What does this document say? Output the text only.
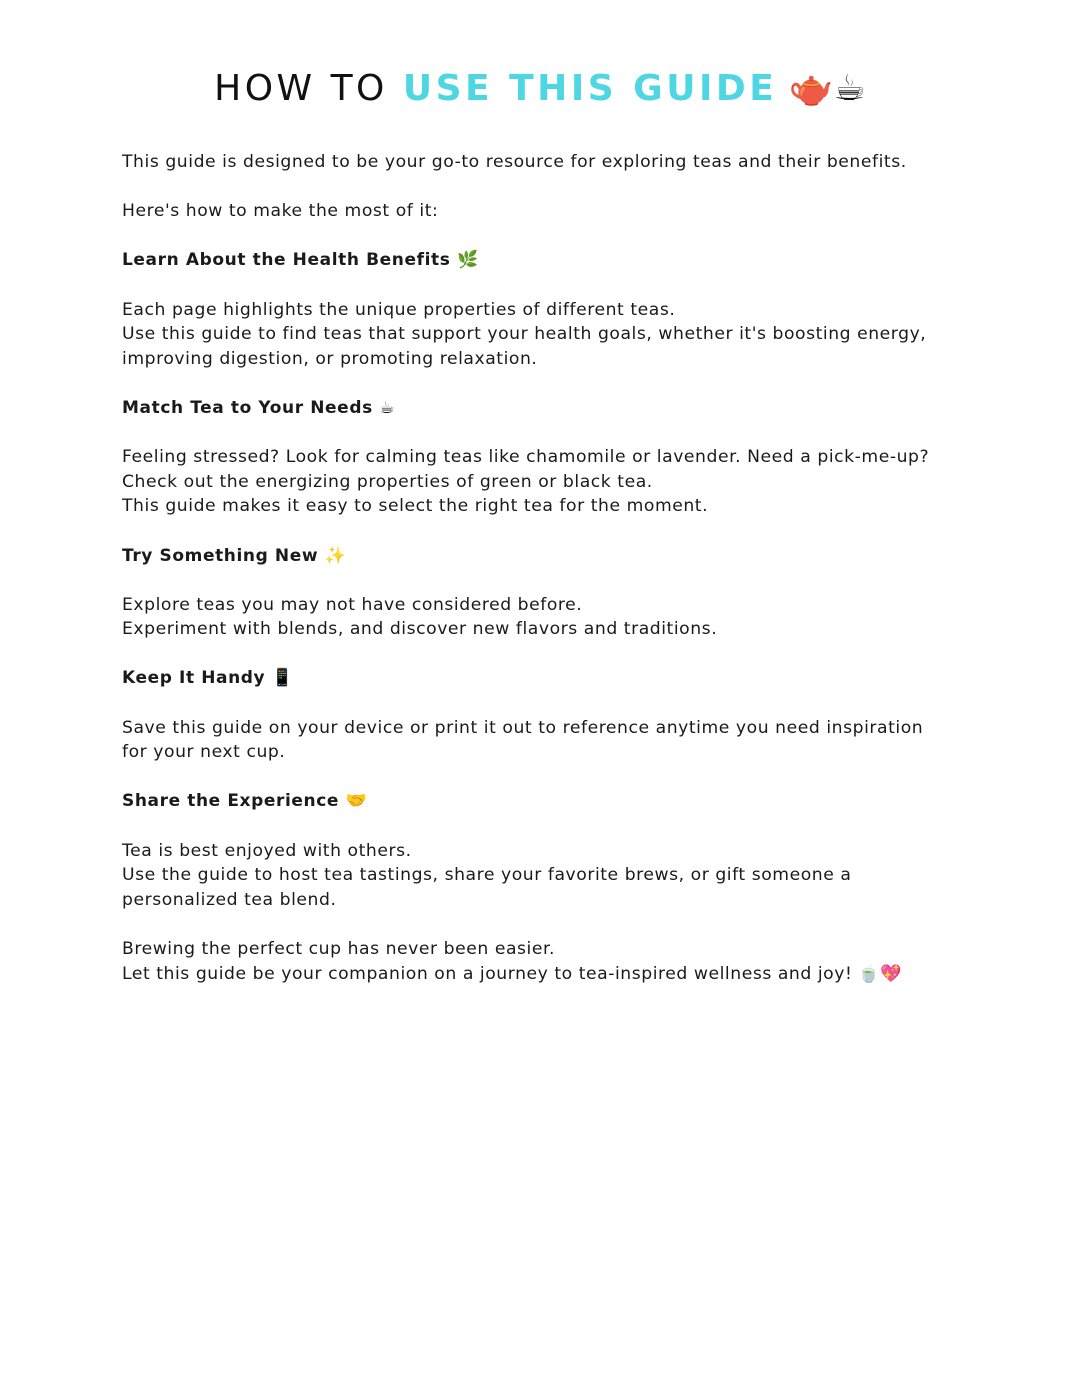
HOW TO USE THIS GUIDE 🫖☕
This guide is designed to be your go-to resource for exploring teas and their benefits.
Here's how to make the most of it:
Learn About the Health Benefits 🌿
Each page highlights the unique properties of different teas.
Use this guide to find teas that support your health goals, whether it's boosting energy,
improving digestion, or promoting relaxation.
Match Tea to Your Needs ☕
Feeling stressed? Look for calming teas like chamomile or lavender. Need a pick-me-up?
Check out the energizing properties of green or black tea.
This guide makes it easy to select the right tea for the moment.
Try Something New ✨
Explore teas you may not have considered before.
Experiment with blends, and discover new flavors and traditions.
Keep It Handy 📱
Save this guide on your device or print it out to reference anytime you need inspiration
for your next cup.
Share the Experience 🤝
Tea is best enjoyed with others.
Use the guide to host tea tastings, share your favorite brews, or gift someone a
personalized tea blend.
Brewing the perfect cup has never been easier.
Let this guide be your companion on a journey to tea-inspired wellness and joy! 🍵💖
